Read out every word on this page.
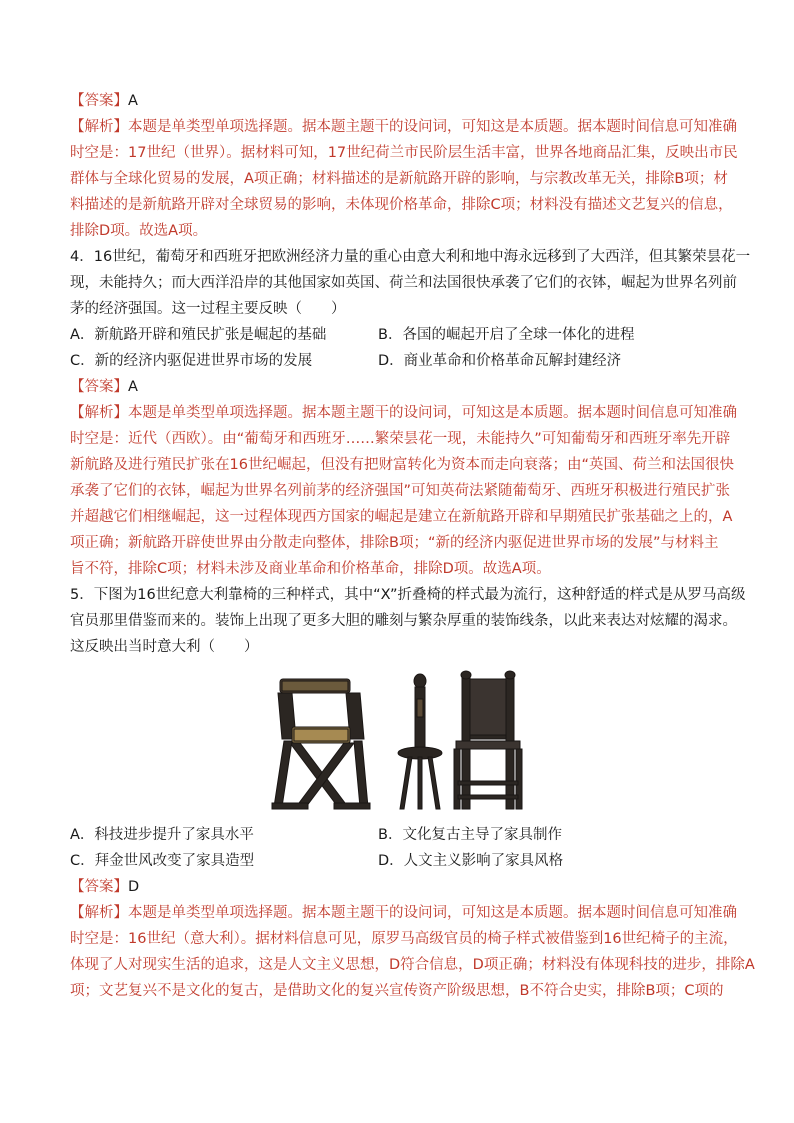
【答案】A
【解析】本题是单类型单项选择题。据本题主题干的设问词，可知这是本质题。据本题时间信息可知准确
时空是：17世纪（世界）。据材料可知，17世纪荷兰市民阶层生活丰富，世界各地商品汇集，反映出市民
群体与全球化贸易的发展，A项正确；材料描述的是新航路开辟的影响，与宗教改革无关，排除B项；材
料描述的是新航路开辟对全球贸易的影响，未体现价格革命，排除C项；材料没有描述文艺复兴的信息，
排除D项。故选A项。
4．16世纪，葡萄牙和西班牙把欧洲经济力量的重心由意大利和地中海永远移到了大西洋，但其繁荣昙花一
现，未能持久；而大西洋沿岸的其他国家如英国、荷兰和法国很快承袭了它们的衣钵，崛起为世界名列前
茅的经济强国。这一过程主要反映（　　）
A．新航路开辟和殖民扩张是崛起的基础	B．各国的崛起开启了全球一体化的进程
C．新的经济内驱促进世界市场的发展	D．商业革命和价格革命瓦解封建经济
【答案】A
【解析】本题是单类型单项选择题。据本题主题干的设问词，可知这是本质题。据本题时间信息可知准确
时空是：近代（西欧）。由“葡萄牙和西班牙……繁荣昙花一现，未能持久”可知葡萄牙和西班牙率先开辟
新航路及进行殖民扩张在16世纪崛起，但没有把财富转化为资本而走向衰落；由“英国、荷兰和法国很快
承袭了它们的衣钵，崛起为世界名列前茅的经济强国”可知英荷法紧随葡萄牙、西班牙积极进行殖民扩张
并超越它们相继崛起，这一过程体现西方国家的崛起是建立在新航路开辟和早期殖民扩张基础之上的，A
项正确；新航路开辟使世界由分散走向整体，排除B项；“新的经济内驱促进世界市场的发展”与材料主
旨不符，排除C项；材料未涉及商业革命和价格革命，排除D项。故选A项。
5．下图为16世纪意大利靠椅的三种样式，其中“X”折叠椅的样式最为流行，这种舒适的样式是从罗马高级
官员那里借鉴而来的。装饰上出现了更多大胆的雕刻与繁杂厚重的装饰线条，以此来表达对炫耀的渴求。
这反映出当时意大利（　　）
A．科技进步提升了家具水平	B．文化复古主导了家具制作
C．拜金世风改变了家具造型	D．人文主义影响了家具风格
【答案】D
【解析】本题是单类型单项选择题。据本题主题干的设问词，可知这是本质题。据本题时间信息可知准确
时空是：16世纪（意大利）。据材料信息可见，原罗马高级官员的椅子样式被借鉴到16世纪椅子的主流，
体现了人对现实生活的追求，这是人文主义思想，D符合信息，D项正确；材料没有体现科技的进步，排除A
项；文艺复兴不是文化的复古，是借助文化的复兴宣传资产阶级思想，B不符合史实，排除B项；C项的
